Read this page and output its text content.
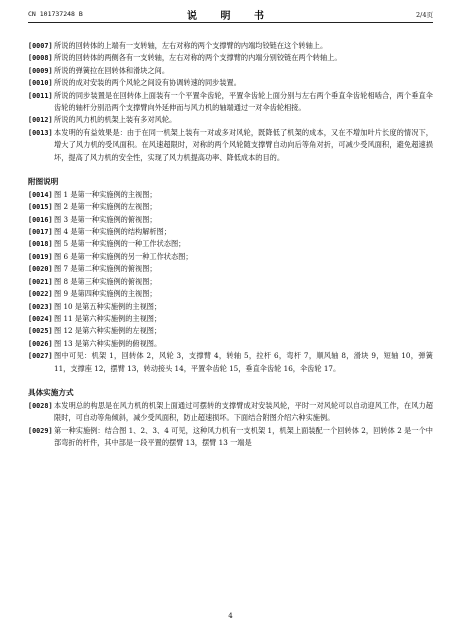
CN 101737248 B	说 明 书	2/4页
[0007] 所说的回转体的上端有一支转轴，左右对称的两个支撑臂的内端均铰链在这个转轴上。
[0008] 所说的回转体的两侧各有一支转轴，左右对称的两个支撑臂的内端分别铰链在两个转轴上。
[0009] 所说的弹簧拉在回转体和滑块之间。
[0010] 所说的成对安装的两个风轮之间设有协调转速的同步装置。
[0011] 所说的同步装置是在回转体上面装有一个平置伞齿轮，平置伞齿轮上面分别与左右两个垂直伞齿轮相啮合，两个垂直伞齿轮的轴杆分别沿两个支撑臂向外延伸而与风力机的轴端通过一对伞齿轮相接。
[0012] 所说的风力机的机架上装有多对风轮。
[0013] 本发明的有益效果是：由于在同一机架上装有一对或多对风轮，既降低了机架的成本，又在不增加叶片长度的情况下，增大了风力机的受风面积。在风速超限时，对称的两个风轮随支撑臂自动向后等角对折，可减少受风面积，避免超速损坏，提高了风力机的安全性，实现了风力机提高功率、降低成本的目的。
附图说明
[0014] 图 1 是第一种实施例的主视图；
[0015] 图 2 是第一种实施例的左视图；
[0016] 图 3 是第一种实施例的俯视图；
[0017] 图 4 是第一种实施例的结构解析图；
[0018] 图 5 是第一种实施例的一种工作状态图；
[0019] 图 6 是第一种实施例的另一种工作状态图；
[0020] 图 7 是第二种实施例的俯视图；
[0021] 图 8 是第三种实施例的俯视图；
[0022] 图 9 是第四种实施例的主视图；
[0023] 图 10 是第五种实施例的主视图；
[0024] 图 11 是第六种实施例的主视图；
[0025] 图 12 是第六种实施例的左视图；
[0026] 图 13 是第六种实施例的俯视图。
[0027] 图中可见：机架 1，回转体 2，风轮 3，支撑臂 4，转轴 5，拉杆 6，弯杆 7，顺风轴 8，滑块 9，短轴 10，弹簧 11，支撑座 12，摆臂 13，转动接头 14，平置伞齿轮 15，垂直伞齿轮 16，伞齿轮 17。
具体实施方式
[0028] 本发明总的构思是在风力机的机架上面通过可摆转的支撑臂成对安装风轮，平时一对风轮可以自动迎风工作，在风力超限时，可自动等角倾斜，减少受风面积，防止超速损坏。下面结合附图介绍六种实施例。
[0029] 第一种实施例：结合图 1、2、3、4 可见，这种风力机有一支机架 1，机架上面装配一个回转体 2，回转体 2 是一个中部弯折的杆件，其中部是一段平置的摆臂 13，摆臂 13 一端是
4
